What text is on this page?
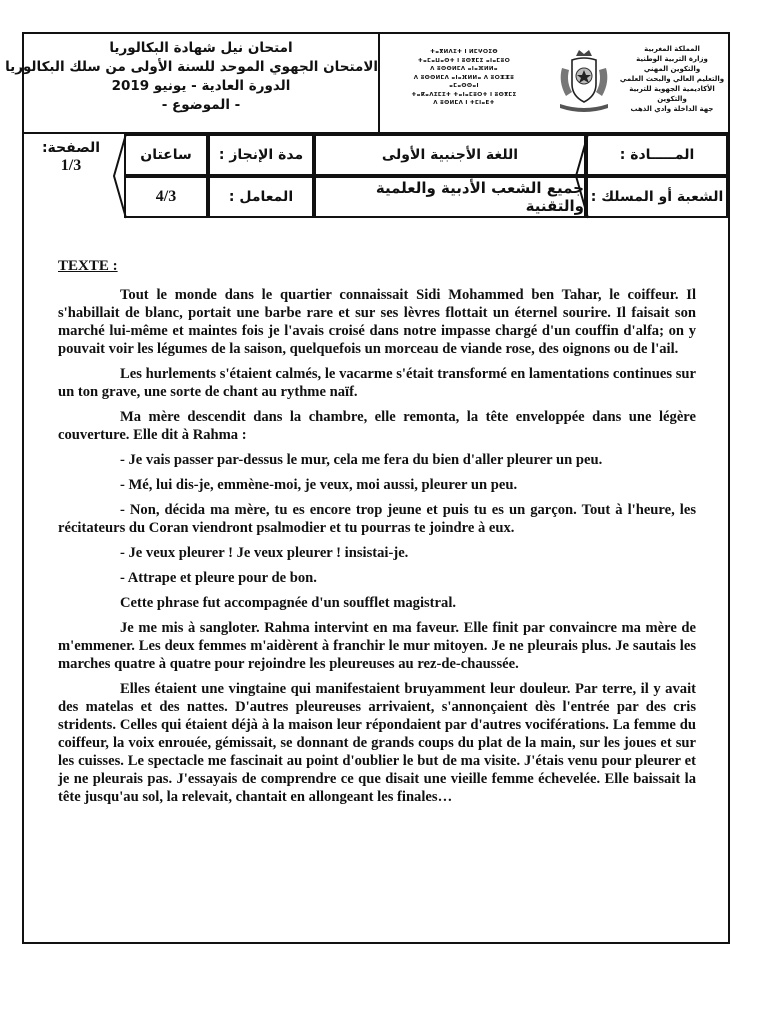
امتحان نيل شهادة البكالوريا
الامتحان الجهوي الموحد للسنة الأولى من سلك البكالوريا
الدورة العادية - يونيو 2019
- الموضوع -
ⵜⴰⴳⵍⴷⵉⵜ ⵏ ⵍⵎⵖⵔⵉⴱ
ⵜⴰⵎⴰⵡⴰⵙⵜ ⵏ ⵓⵙⴳⵎⵉ ⴰⵏⴰⵎⵓⵔ
ⴷ ⵓⵙⵙⵍⵎⴷ ⴰⵏⴰⴼⵍⵍⴰ
ⴷ ⵓⵙⵙⵍⵎⴷ ⴰⵏⴰⴼⵍⵍⴰ ⴷ ⵓⵔⵣⵣⵓ ⴰⵎⴰⵙⵙⴰⵏ
ⵜⴰⴽⴰⴷⵉⵎⵉⵜ ⵜⴰⵏⴰⵎⵓⵔⵜ ⵏ ⵓⵙⴳⵎⵉ
ⴷ ⵓⵙⵍⵎⴷ ⵏ ⵜⵎⵏⴰⴹⵜ
المملكة المغربية
وزارة التربية الوطنية
والتكوين المهني
والتعليم العالي والبحث العلمي
الأكاديمية الجهوية للتربية والتكوين
جهة الداخلة وادي الذهب
المـــــادة :
اللغة الأجنبية الأولى
مدة الإنجاز :
ساعتان
الصفحة:
1/3
الشعبة أو المسلك :
جميع الشعب الأدبية والعلمية والتقنية
المعامل :
4/3
TEXTE :

Tout le monde dans le quartier connaissait Sidi Mohammed ben Tahar, le coiffeur. Il s'habillait de blanc, portait une barbe rare et sur ses lèvres flottait un éternel sourire. Il faisait son marché lui-même et maintes fois je l'avais croisé dans notre impasse chargé d'un couffin d'alfa; on y pouvait voir les légumes de la saison, quelquefois un morceau de viande rose, des oignons ou de l'ail.

Les hurlements s'étaient calmés, le vacarme s'était transformé en lamentations continues sur un ton grave, une sorte de chant au rythme naïf.

Ma mère descendit dans la chambre, elle remonta, la tête enveloppée dans une légère couverture. Elle dit à Rahma :

- Je vais passer par-dessus le mur, cela me fera du bien d'aller pleurer un peu.

- Mé, lui dis-je, emmène-moi, je veux, moi aussi, pleurer un peu.

- Non, décida ma mère, tu es encore trop jeune et puis tu es un garçon. Tout à l'heure, les récitateurs du Coran viendront psalmodier et tu pourras te joindre à eux.

- Je veux pleurer ! Je veux pleurer ! insistai-je.

- Attrape et pleure pour de bon.

Cette phrase fut accompagnée d'un soufflet magistral.

Je me mis à sangloter. Rahma intervint en ma faveur. Elle finit par convaincre ma mère de m'emmener. Les deux femmes m'aidèrent à franchir le mur mitoyen. Je ne pleurais plus. Je sautais les marches quatre à quatre pour rejoindre les pleureuses au rez-de-chaussée.

Elles étaient une vingtaine qui manifestaient bruyamment leur douleur. Par terre, il y avait des matelas et des nattes. D'autres pleureuses arrivaient, s'annonçaient dès l'entrée par des cris stridents. Celles qui étaient déjà à la maison leur répondaient par d'autres vociférations. La femme du coiffeur, la voix enrouée, gémissait, se donnant de grands coups du plat de la main, sur les joues et sur les cuisses. Le spectacle me fascinait au point d'oublier le but de ma visite. J'étais venu pour pleurer et je ne pleurais pas. J'essayais de comprendre ce que disait une vieille femme échevelée. Elle baissait la tête jusqu'au sol, la relevait, chantait en allongeant les finales…
